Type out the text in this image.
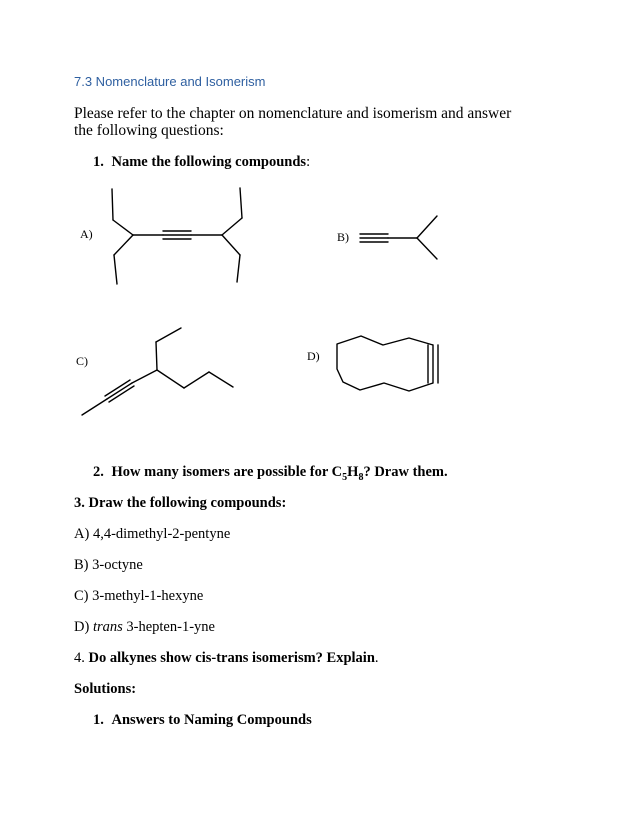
7.3 Nomenclature and Isomerism
Please refer to the chapter on nomenclature and isomerism and answer the following questions:
1. Name the following compounds:
A)	B)
C)	D)
2. How many isomers are possible for $C_5H_8$? Draw them.
3. Draw the following compounds:
A) 4,4-dimethyl-2-pentyne
B) 3-octyne
C) 3-methyl-1-hexyne
D) trans 3-hepten-1-yne
4. Do alkynes show cis-trans isomerism? Explain.
Solutions:
1. Answers to Naming Compounds
